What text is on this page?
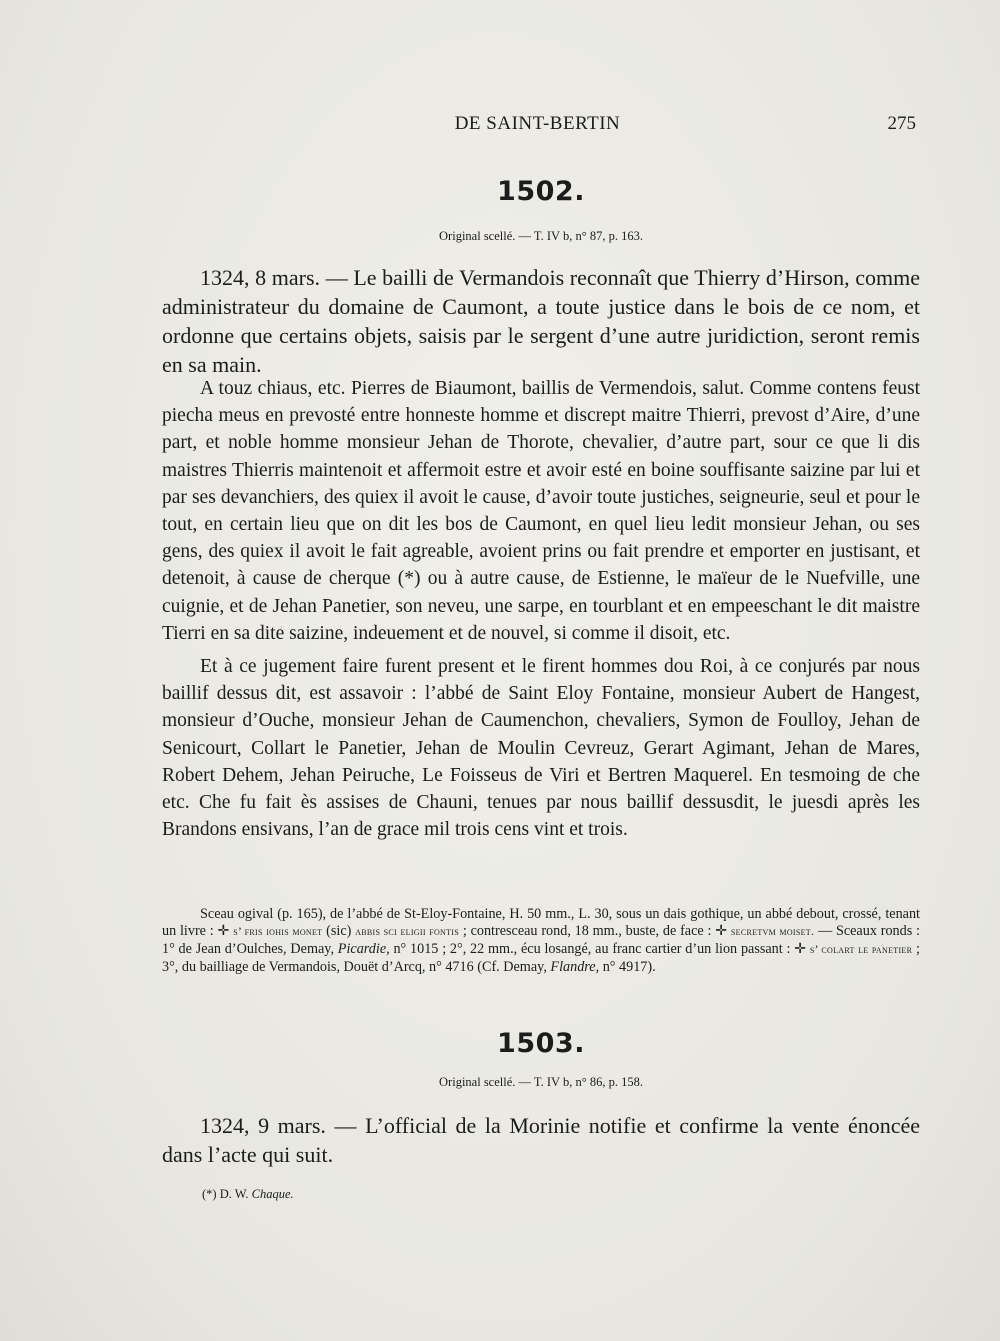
DE SAINT-BERTIN	275

1502.

Original scellé. — T. IV b, n° 87, p. 163.

1324, 8 mars. — Le bailli de Vermandois reconnaît que Thierry d’Hirson, comme administrateur du domaine de Caumont, a toute justice dans le bois de ce nom, et ordonne que certains objets, saisis par le sergent d’une autre juridiction, seront remis en sa main.

A touz chiaus, etc. Pierres de Biaumont, baillis de Vermendois, salut. Comme contens feust piecha meus en prevosté entre honneste homme et discrept maitre Thierri, prevost d’Aire, d’une part, et noble homme monsieur Jehan de Thorote, chevalier, d’autre part, sour ce que li dis maistres Thierris maintenoit et affermoit estre et avoir esté en boine souffisante saizine par lui et par ses devanchiers, des quiex il avoit le cause, d’avoir toute justiches, seigneurie, seul et pour le tout, en certain lieu que on dit les bos de Caumont, en quel lieu ledit monsieur Jehan, ou ses gens, des quiex il avoit le fait agreable, avoient prins ou fait prendre et emporter en justisant, et detenoit, à cause de cherque (*) ou à autre cause, de Estienne, le maïeur de le Nuefville, une cuignie, et de Jehan Panetier, son neveu, une sarpe, en tourblant et en empeeschant le dit maistre Tierri en sa dite saizine, indeuement et de nouvel, si comme il disoit, etc.

Et à ce jugement faire furent present et le firent hommes dou Roi, à ce conjurés par nous baillif dessus dit, est assavoir : l’abbé de Saint Eloy Fontaine, monsieur Aubert de Hangest, monsieur d’Ouche, monsieur Jehan de Caumenchon, chevaliers, Symon de Foulloy, Jehan de Senicourt, Collart le Panetier, Jehan de Moulin Cevreuz, Gerart Agimant, Jehan de Mares, Robert Dehem, Jehan Peiruche, Le Foisseus de Viri et Bertren Maquerel. En tesmoing de che etc. Che fu fait ès assises de Chauni, tenues par nous baillif dessusdit, le juesdi après les Brandons ensivans, l’an de grace mil trois cens vint et trois.

Sceau ogival (p. 165), de l’abbé de St-Eloy-Fontaine, H. 50 mm., L. 30, sous un dais gothique, un abbé debout, crossé, tenant un livre : ✛ s’ fris iohis monet (sic) abbis sci eligii fontis ; contresceau rond, 18 mm., buste, de face : ✛ secretvm moiset. — Sceaux ronds : 1° de Jean d’Oulches, Demay, Picardie, n° 1015 ; 2°, 22 mm., écu losangé, au franc cartier d’un lion passant : ✛ s’ colart le panetier ; 3°, du bailliage de Vermandois, Douët d’Arcq, n° 4716 (Cf. Demay, Flandre, n° 4917).

1503.

Original scellé. — T. IV b, n° 86, p. 158.

1324, 9 mars. — L’official de la Morinie notifie et confirme la vente énoncée dans l’acte qui suit.

(*) D. W. Chaque.
